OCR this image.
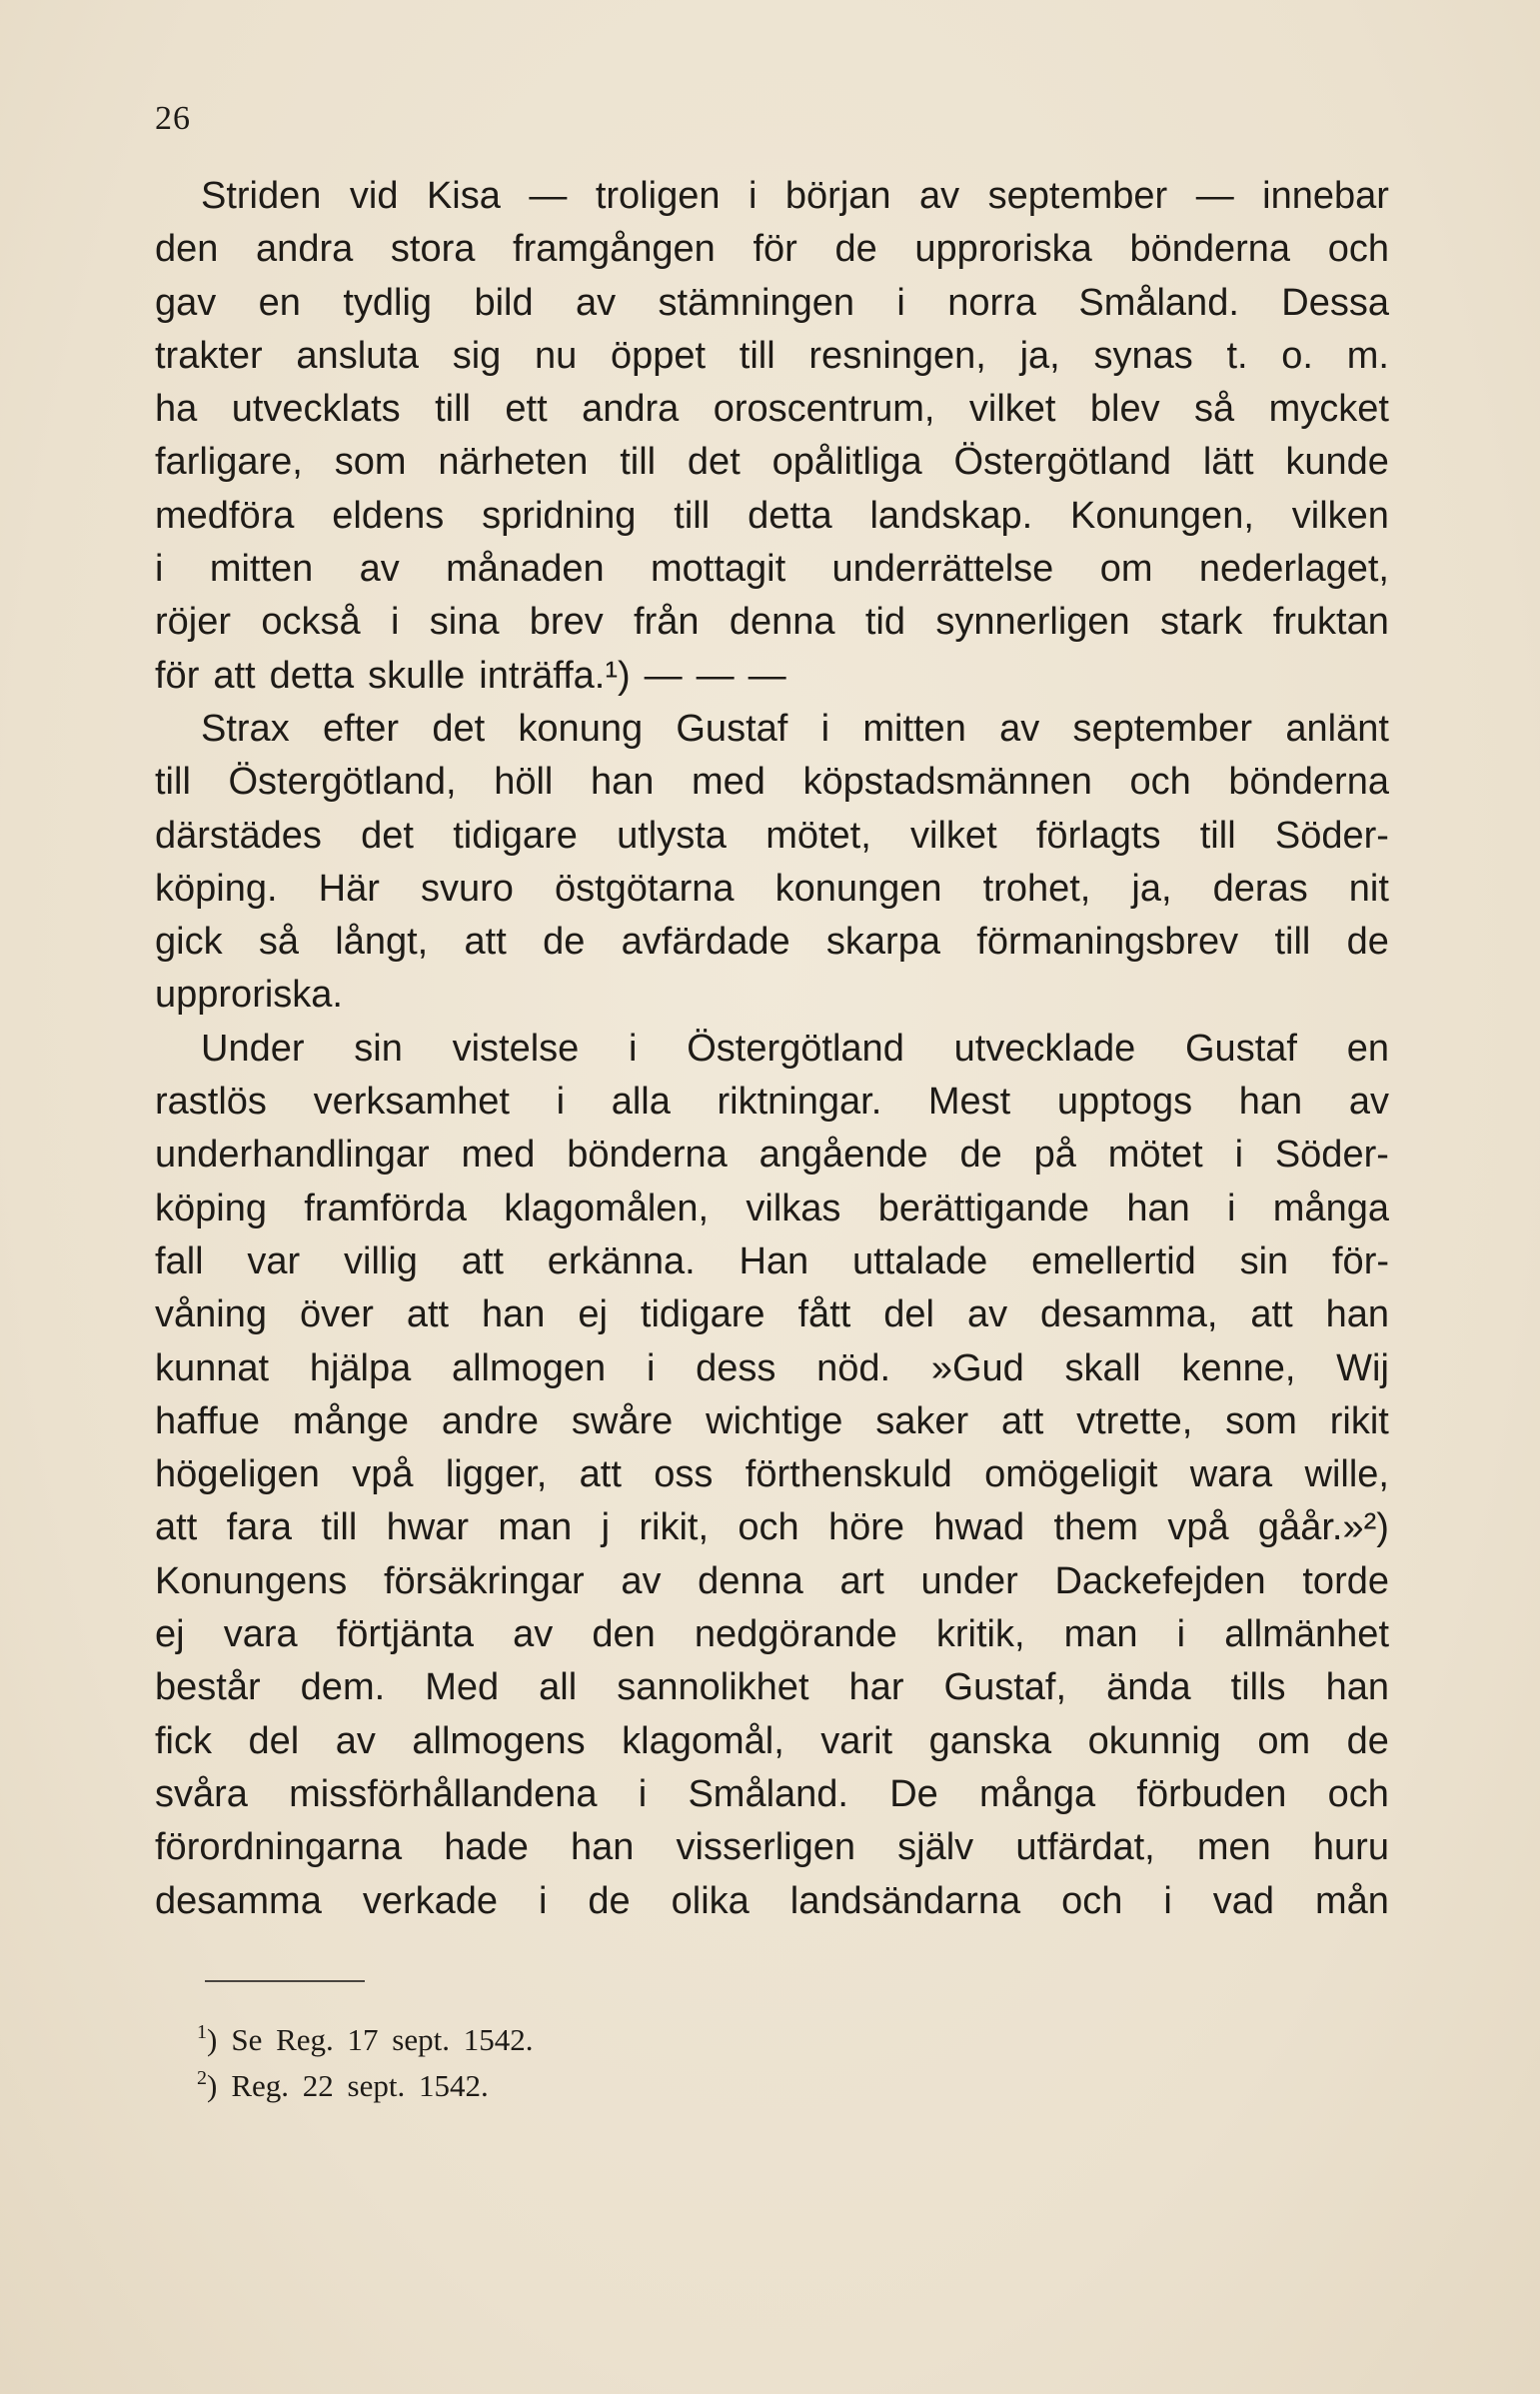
26
Striden vid Kisa — troligen i början av september — innebar
den andra stora framgången för de upproriska bönderna och
gav en tydlig bild av stämningen i norra Småland. Dessa
trakter ansluta sig nu öppet till resningen, ja, synas t. o. m.
ha utvecklats till ett andra oroscentrum, vilket blev så mycket
farligare, som närheten till det opålitliga Östergötland lätt kunde
medföra eldens spridning till detta landskap. Konungen, vilken
i mitten av månaden mottagit underrättelse om nederlaget,
röjer också i sina brev från denna tid synnerligen stark fruktan
för att detta skulle inträffa.¹) — — —
Strax efter det konung Gustaf i mitten av september anlänt
till Östergötland, höll han med köpstadsmännen och bönderna
därstädes det tidigare utlysta mötet, vilket förlagts till Söder-
köping. Här svuro östgötarna konungen trohet, ja, deras nit
gick så långt, att de avfärdade skarpa förmaningsbrev till de
upproriska.
Under sin vistelse i Östergötland utvecklade Gustaf en
rastlös verksamhet i alla riktningar. Mest upptogs han av
underhandlingar med bönderna angående de på mötet i Söder-
köping framförda klagomålen, vilkas berättigande han i många
fall var villig att erkänna. Han uttalade emellertid sin för-
våning över att han ej tidigare fått del av desamma, att han
kunnat hjälpa allmogen i dess nöd. »Gud skall kenne, Wij
haffue månge andre swåre wichtige saker att vtrette, som rikit
högeligen vpå ligger, att oss förthenskuld omögeligit wara wille,
att fara till hwar man j rikit, och höre hwad them vpå gåår.»²)
Konungens försäkringar av denna art under Dackefejden torde
ej vara förtjänta av den nedgörande kritik, man i allmänhet
består dem. Med all sannolikhet har Gustaf, ända tills han
fick del av allmogens klagomål, varit ganska okunnig om de
svåra missförhållandena i Småland. De många förbuden och
förordningarna hade han visserligen själv utfärdat, men huru
desamma verkade i de olika landsändarna och i vad mån
$^1$) Se Reg. 17 sept. 1542.
$^2$) Reg. 22 sept. 1542.
